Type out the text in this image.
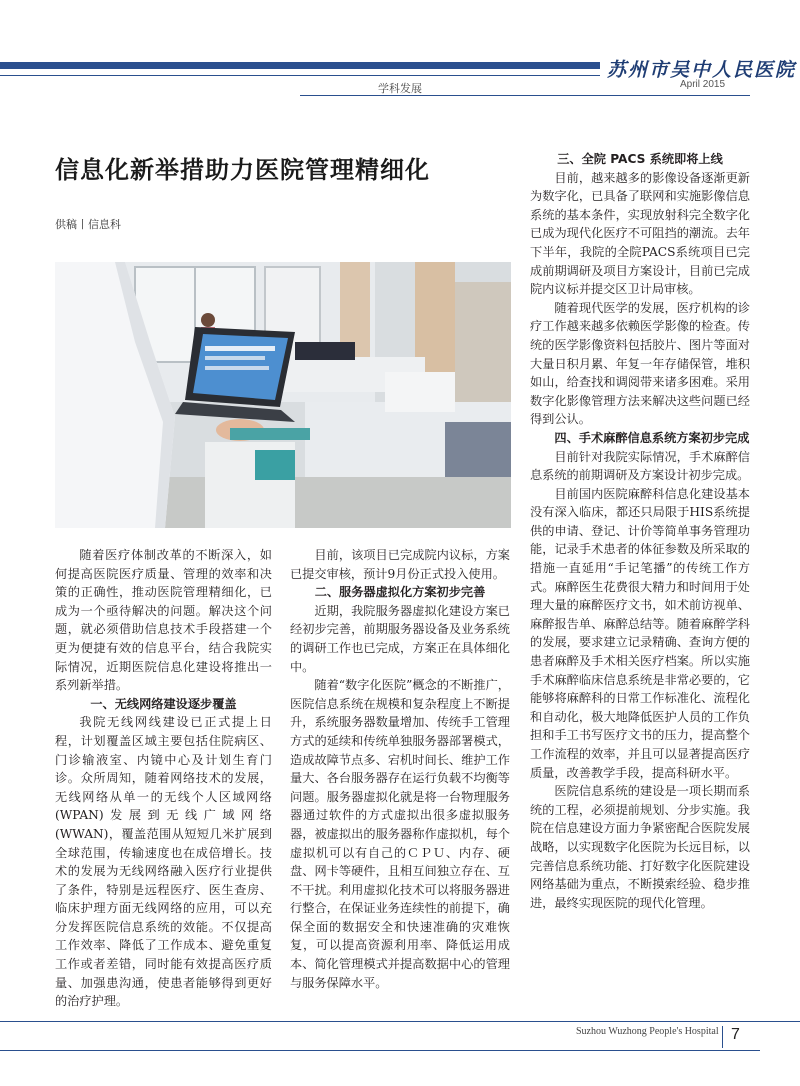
苏州市吴中人民医院
学科发展	April 2015
信息化新举措助力医院管理精细化
供稿丨信息科

随着医疗体制改革的不断深入，如何提高医院医疗质量、管理的效率和决策的正确性，推动医院管理精细化，已成为一个亟待解决的问题。解决这个问题，就必须借助信息技术手段搭建一个更为便捷有效的信息平台，结合我院实际情况，近期医院信息化建设将推出一系列新举措。

一、无线网络建设逐步覆盖

我院无线网线建设已正式提上日程，计划覆盖区域主要包括住院病区、门诊输液室、内镜中心及计划生育门诊。众所周知，随着网络技术的发展，无线网络从单一的无线个人区域网络(WPAN)发展到无线广域网络(WWAN)，覆盖范围从短短几米扩展到全球范围，传输速度也在成倍增长。技术的发展为无线网络融入医疗行业提供了条件，特别是远程医疗、医生查房、临床护理方面无线网络的应用，可以充分发挥医院信息系统的效能。不仅提高工作效率、降低了工作成本、避免重复工作或者差错，同时能有效提高医疗质量、加强患沟通，使患者能够得到更好的治疗护理。

目前，该项目已完成院内议标，方案已提交审核，预计9月份正式投入使用。

二、服务器虚拟化方案初步完善

近期，我院服务器虚拟化建设方案已经初步完善，前期服务器设备及业务系统的调研工作也已完成，方案正在具体细化中。

随着“数字化医院”概念的不断推广，医院信息系统在规模和复杂程度上不断提升，系统服务器数量增加、传统手工管理方式的延续和传统单独服务器部署模式，造成故障节点多、宕机时间长、维护工作量大、各台服务器存在运行负载不均衡等问题。服务器虚拟化就是将一台物理服务器通过软件的方式虚拟出很多虚拟服务器，被虚拟出的服务器称作虚拟机，每个虚拟机可以有自己的ＣＰＵ、内存、硬盘、网卡等硬件，且相互间独立存在、互不干扰。利用虚拟化技术可以将服务器进行整合，在保证业务连续性的前提下，确保全面的数据安全和快速准确的灾难恢复，可以提高资源利用率、降低运用成本、简化管理模式并提高数据中心的管理与服务保障水平。

三、全院 PACS 系统即将上线

目前，越来越多的影像设备逐渐更新为数字化，已具备了联网和实施影像信息系统的基本条件，实现放射科完全数字化已成为现代化医疗不可阻挡的潮流。去年下半年，我院的全院PACS系统项目已完成前期调研及项目方案设计，目前已完成院内议标并提交区卫计局审核。

随着现代医学的发展，医疗机构的诊疗工作越来越多依赖医学影像的检查。传统的医学影像资料包括胶片、图片等面对大量日积月累、年复一年存储保管，堆积如山，给查找和调阅带来诸多困难。采用数字化影像管理方法来解决这些问题已经得到公认。

四、手术麻醉信息系统方案初步完成

目前针对我院实际情况，手术麻醉信息系统的前期调研及方案设计初步完成。

目前国内医院麻醉科信息化建设基本没有深入临床，都还只局限于HIS系统提供的申请、登记、计价等简单事务管理功能，记录手术患者的体征参数及所采取的措施一直延用“手记笔播”的传统工作方式。麻醉医生花费很大精力和时间用于处理大量的麻醉医疗文书，如术前访视单、麻醉报告单、麻醉总结等。随着麻醉学科的发展，要求建立记录精确、查询方便的患者麻醉及手术相关医疗档案。所以实施手术麻醉临床信息系统是非常必要的，它能够将麻醉科的日常工作标准化、流程化和自动化，极大地降低医护人员的工作负担和手工书写医疗文书的压力，提高整个工作流程的效率，并且可以显著提高医疗质量，改善教学手段，提高科研水平。

医院信息系统的建设是一项长期而系统的工程，必须提前规划、分步实施。我院在信息建设方面力争紧密配合医院发展战略，以实现数字化医院为长远目标，以完善信息系统功能、打好数字化医院建设网络基础为重点，不断摸索经验、稳步推进，最终实现医院的现代化管理。

Suzhou Wuzhong People's Hospital 7
